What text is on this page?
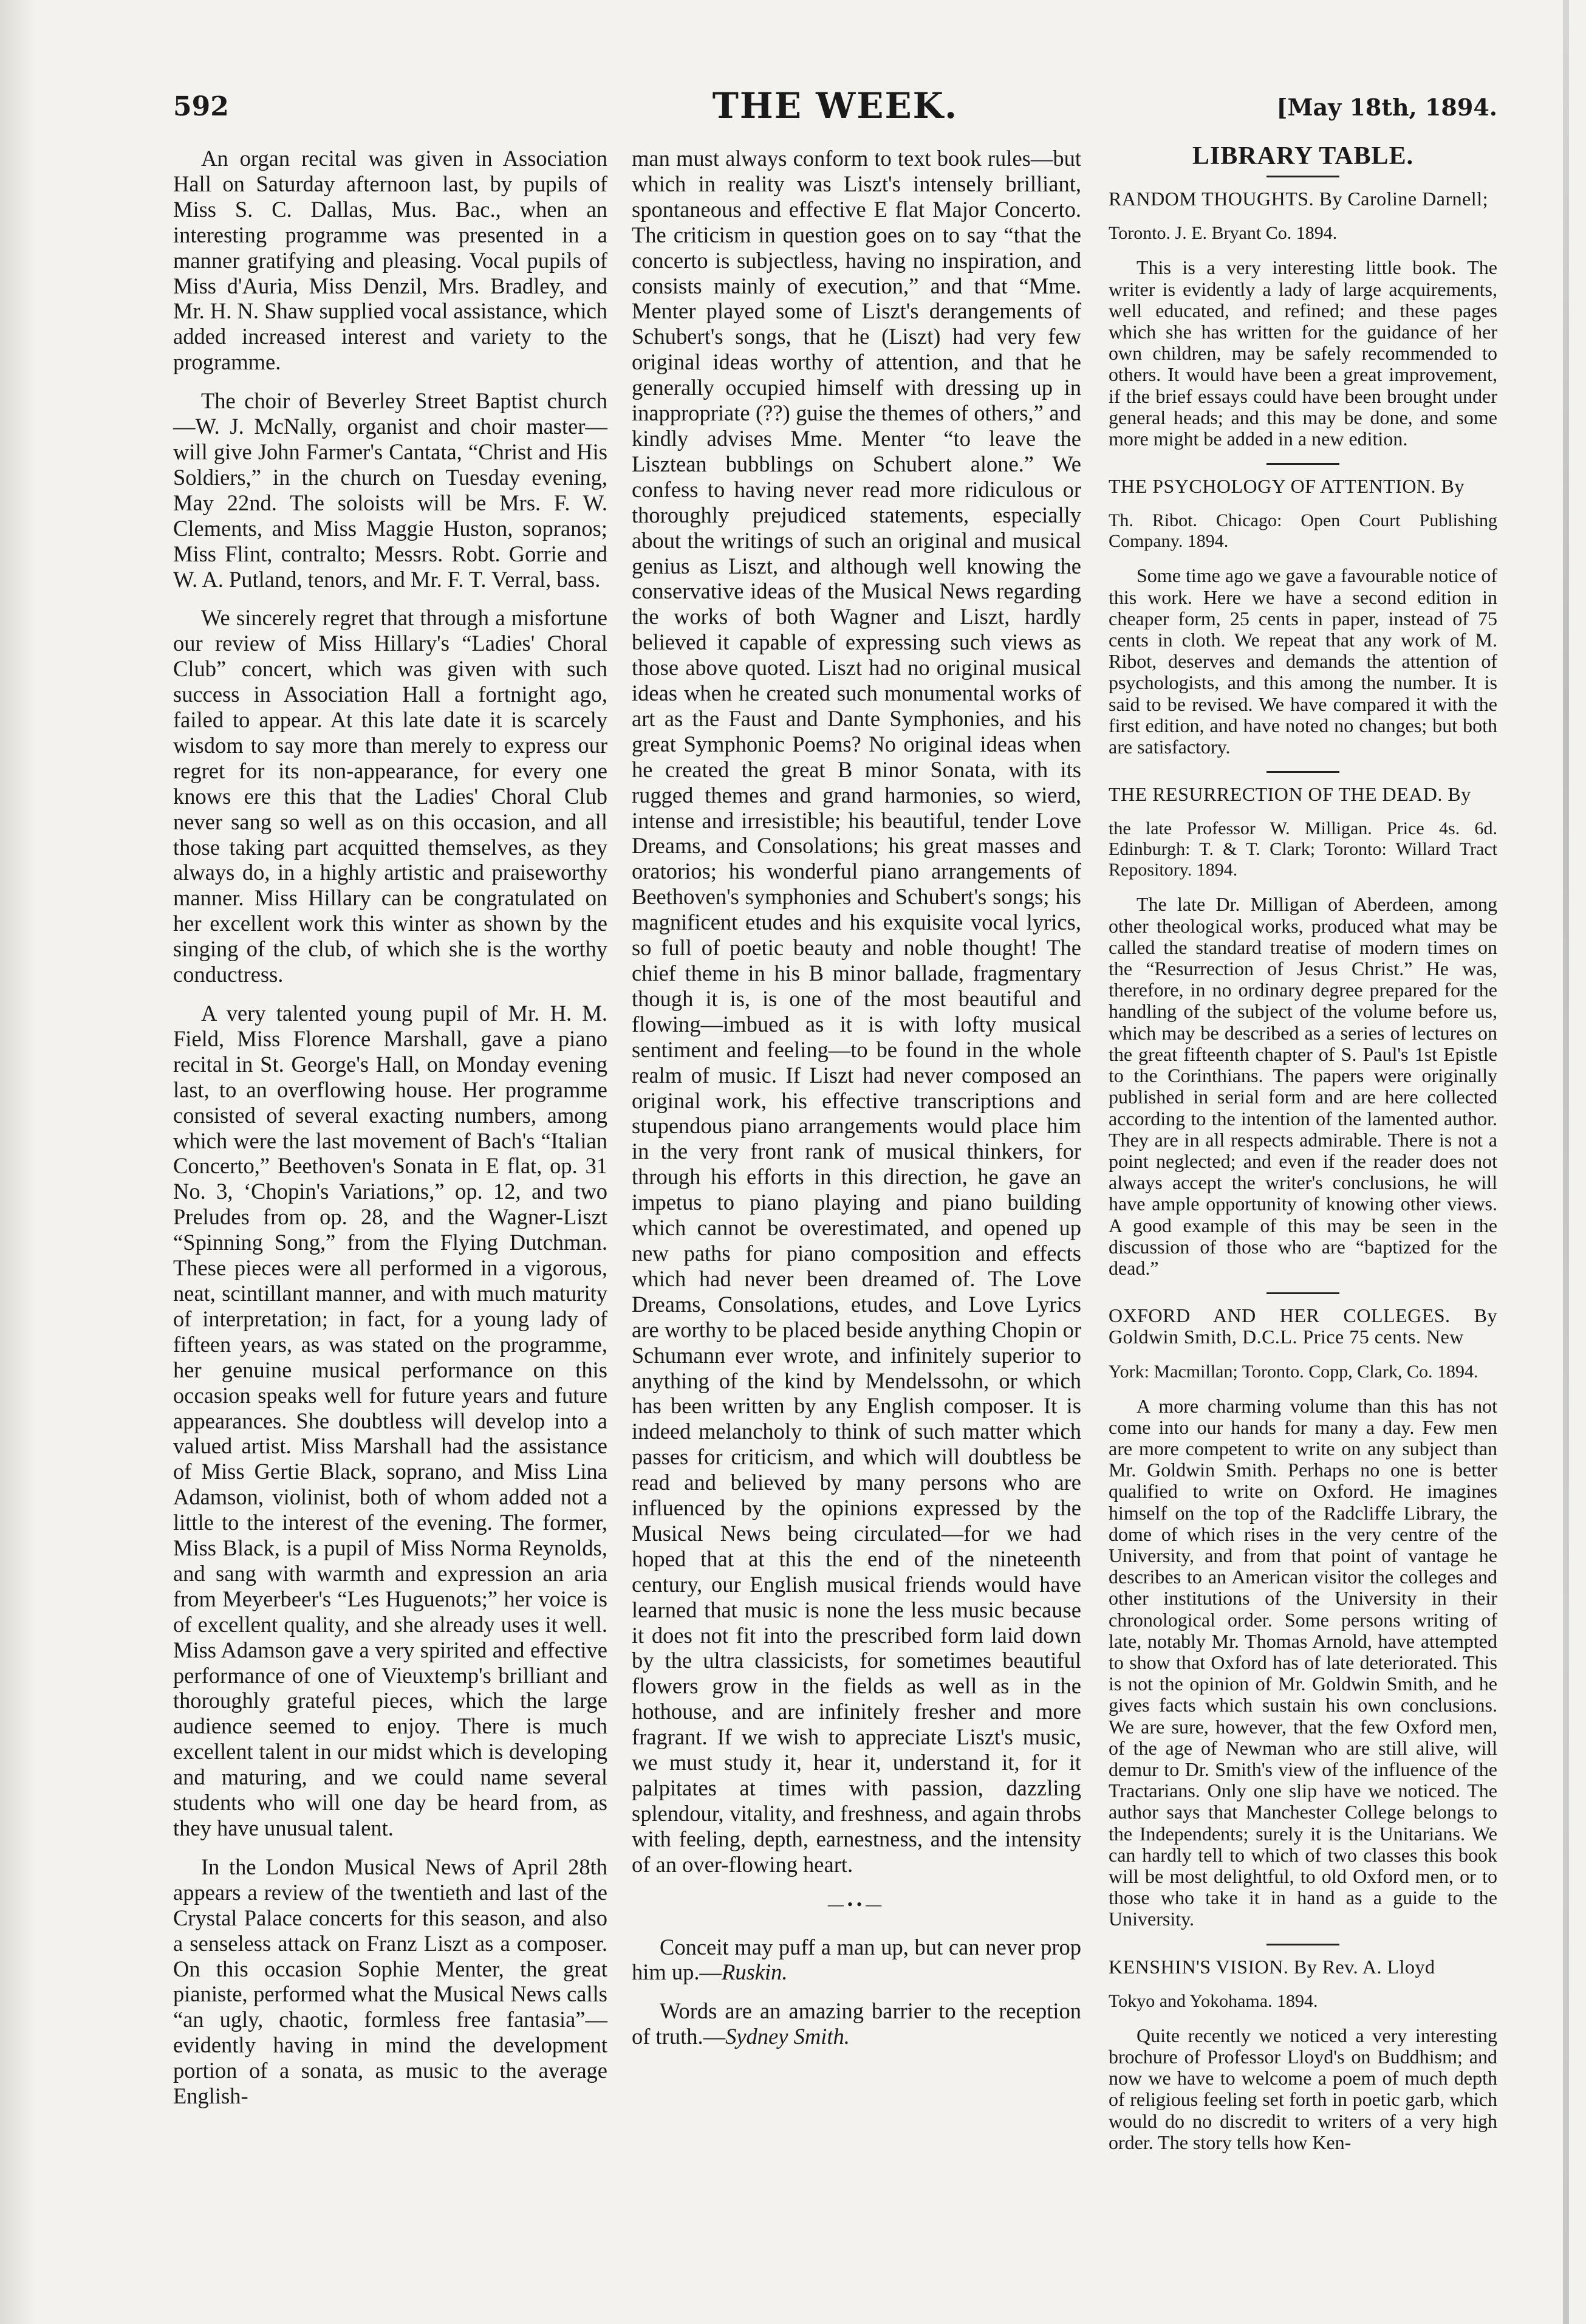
592	THE WEEK.	[May 18th, 1894.

An organ recital was given in Association Hall on Saturday afternoon last, by pupils of Miss S. C. Dallas, Mus. Bac., when an interesting programme was presented in a manner gratifying and pleasing. Vocal pupils of Miss d'Auria, Miss Denzil, Mrs. Bradley, and Mr. H. N. Shaw supplied vocal assistance, which added increased interest and variety to the programme.

The choir of Beverley Street Baptist church—W. J. McNally, organist and choir master—will give John Farmer's Cantata, “Christ and His Soldiers,” in the church on Tuesday evening, May 22nd. The soloists will be Mrs. F. W. Clements, and Miss Maggie Huston, sopranos; Miss Flint, contralto; Messrs. Robt. Gorrie and W. A. Putland, tenors, and Mr. F. T. Verral, bass.

We sincerely regret that through a misfortune our review of Miss Hillary's “Ladies' Choral Club” concert, which was given with such success in Association Hall a fortnight ago, failed to appear. At this late date it is scarcely wisdom to say more than merely to express our regret for its non-appearance, for every one knows ere this that the Ladies' Choral Club never sang so well as on this occasion, and all those taking part acquitted themselves, as they always do, in a highly artistic and praiseworthy manner. Miss Hillary can be congratulated on her excellent work this winter as shown by the singing of the club, of which she is the worthy conductress.

A very talented young pupil of Mr. H. M. Field, Miss Florence Marshall, gave a piano recital in St. George's Hall, on Monday evening last, to an overflowing house. Her programme consisted of several exacting numbers, among which were the last movement of Bach's “Italian Concerto,” Beethoven's Sonata in E flat, op. 31 No. 3, ‘Chopin's Variations,” op. 12, and two Preludes from op. 28, and the Wagner-Liszt “Spinning Song,” from the Flying Dutchman. These pieces were all performed in a vigorous, neat, scintillant manner, and with much maturity of interpretation; in fact, for a young lady of fifteen years, as was stated on the programme, her genuine musical performance on this occasion speaks well for future years and future appearances. She doubtless will develop into a valued artist. Miss Marshall had the assistance of Miss Gertie Black, soprano, and Miss Lina Adamson, violinist, both of whom added not a little to the interest of the evening. The former, Miss Black, is a pupil of Miss Norma Reynolds, and sang with warmth and expression an aria from Meyerbeer's “Les Huguenots;” her voice is of excellent quality, and she already uses it well. Miss Adamson gave a very spirited and effective performance of one of Vieuxtemp's brilliant and thoroughly grateful pieces, which the large audience seemed to enjoy. There is much excellent talent in our midst which is developing and maturing, and we could name several students who will one day be heard from, as they have unusual talent.

In the London Musical News of April 28th appears a review of the twentieth and last of the Crystal Palace concerts for this season, and also a senseless attack on Franz Liszt as a composer. On this occasion Sophie Menter, the great pianiste, performed what the Musical News calls “an ugly, chaotic, formless free fantasia”—evidently having in mind the development portion of a sonata, as music to the average English-

man must always conform to text book rules—but which in reality was Liszt's intensely brilliant, spontaneous and effective E flat Major Concerto. The criticism in question goes on to say “that the concerto is subjectless, having no inspiration, and consists mainly of execution,” and that “Mme. Menter played some of Liszt's derangements of Schubert's songs, that he (Liszt) had very few original ideas worthy of attention, and that he generally occupied himself with dressing up in inappropriate (??) guise the themes of others,” and kindly advises Mme. Menter “to leave the Lisztean bubblings on Schubert alone.” We confess to having never read more ridiculous or thoroughly prejudiced statements, especially about the writings of such an original and musical genius as Liszt, and although well knowing the conservative ideas of the Musical News regarding the works of both Wagner and Liszt, hardly believed it capable of expressing such views as those above quoted. Liszt had no original musical ideas when he created such monumental works of art as the Faust and Dante Symphonies, and his great Symphonic Poems? No original ideas when he created the great B minor Sonata, with its rugged themes and grand harmonies, so wierd, intense and irresistible; his beautiful, tender Love Dreams, and Consolations; his great masses and oratorios; his wonderful piano arrangements of Beethoven's symphonies and Schubert's songs; his magnificent etudes and his exquisite vocal lyrics, so full of poetic beauty and noble thought! The chief theme in his B minor ballade, fragmentary though it is, is one of the most beautiful and flowing—imbued as it is with lofty musical sentiment and feeling—to be found in the whole realm of music. If Liszt had never composed an original work, his effective transcriptions and stupendous piano arrangements would place him in the very front rank of musical thinkers, for through his efforts in this direction, he gave an impetus to piano playing and piano building which cannot be overestimated, and opened up new paths for piano composition and effects which had never been dreamed of. The Love Dreams, Consolations, etudes, and Love Lyrics are worthy to be placed beside anything Chopin or Schumann ever wrote, and infinitely superior to anything of the kind by Mendelssohn, or which has been written by any English composer. It is indeed melancholy to think of such matter which passes for criticism, and which will doubtless be read and believed by many persons who are influenced by the opinions expressed by the Musical News being circulated—for we had hoped that at this the end of the nineteenth century, our English musical friends would have learned that music is none the less music because it does not fit into the prescribed form laid down by the ultra classicists, for sometimes beautiful flowers grow in the fields as well as in the hothouse, and are infinitely fresher and more fragrant. If we wish to appreciate Liszt's music, we must study it, hear it, understand it, for it palpitates at times with passion, dazzling splendour, vitality, and freshness, and again throbs with feeling, depth, earnestness, and the intensity of an over-flowing heart.

—••—

Conceit may puff a man up, but can never prop him up.—Ruskin.

Words are an amazing barrier to the reception of truth.—Sydney Smith.

LIBRARY TABLE.

RANDOM THOUGHTS. By Caroline Darnell;

Toronto. J. E. Bryant Co. 1894.

This is a very interesting little book. The writer is evidently a lady of large acquirements, well educated, and refined; and these pages which she has written for the guidance of her own children, may be safely recommended to others. It would have been a great improvement, if the brief essays could have been brought under general heads; and this may be done, and some more might be added in a new edition.

THE PSYCHOLOGY OF ATTENTION. By

Th. Ribot. Chicago: Open Court Publishing Company. 1894.

Some time ago we gave a favourable notice of this work. Here we have a second edition in cheaper form, 25 cents in paper, instead of 75 cents in cloth. We repeat that any work of M. Ribot, deserves and demands the attention of psychologists, and this among the number. It is said to be revised. We have compared it with the first edition, and have noted no changes; but both are satisfactory.

THE RESURRECTION OF THE DEAD. By

the late Professor W. Milligan. Price 4s. 6d. Edinburgh: T. & T. Clark; Toronto: Willard Tract Repository. 1894.

The late Dr. Milligan of Aberdeen, among other theological works, produced what may be called the standard treatise of modern times on the “Resurrection of Jesus Christ.” He was, therefore, in no ordinary degree prepared for the handling of the subject of the volume before us, which may be described as a series of lectures on the great fifteenth chapter of S. Paul's 1st Epistle to the Corinthians. The papers were originally published in serial form and are here collected according to the intention of the lamented author. They are in all respects admirable. There is not a point neglected; and even if the reader does not always accept the writer's conclusions, he will have ample opportunity of knowing other views. A good example of this may be seen in the discussion of those who are “baptized for the dead.”

OXFORD AND HER COLLEGES. By Goldwin Smith, D.C.L. Price 75 cents. New

York: Macmillan; Toronto. Copp, Clark, Co. 1894.

A more charming volume than this has not come into our hands for many a day. Few men are more competent to write on any subject than Mr. Goldwin Smith. Perhaps no one is better qualified to write on Oxford. He imagines himself on the top of the Radcliffe Library, the dome of which rises in the very centre of the University, and from that point of vantage he describes to an American visitor the colleges and other institutions of the University in their chronological order. Some persons writing of late, notably Mr. Thomas Arnold, have attempted to show that Oxford has of late deteriorated. This is not the opinion of Mr. Goldwin Smith, and he gives facts which sustain his own conclusions. We are sure, however, that the few Oxford men, of the age of Newman who are still alive, will demur to Dr. Smith's view of the influence of the Tractarians. Only one slip have we noticed. The author says that Manchester College belongs to the Independents; surely it is the Unitarians. We can hardly tell to which of two classes this book will be most delightful, to old Oxford men, or to those who take it in hand as a guide to the University.

KENSHIN'S VISION. By Rev. A. Lloyd

Tokyo and Yokohama. 1894.

Quite recently we noticed a very interesting brochure of Professor Lloyd's on Buddhism; and now we have to welcome a poem of much depth of religious feeling set forth in poetic garb, which would do no discredit to writers of a very high order. The story tells how Ken-
